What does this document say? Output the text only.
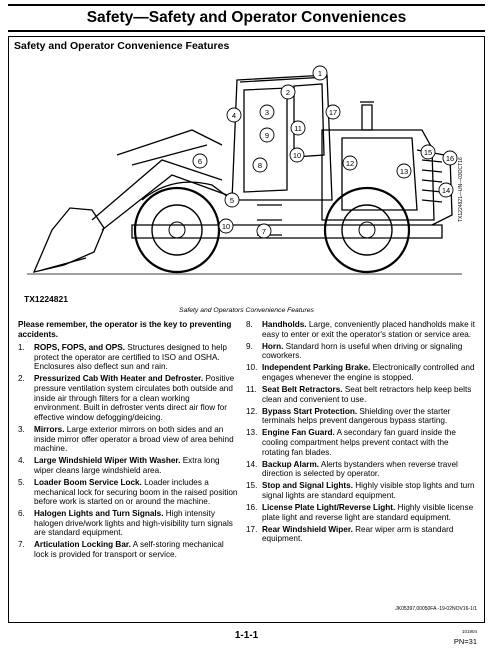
Safety—Safety and Operator Conveniences
Safety and Operator Convenience Features
1
4	3
2
9
11
17
8
6
10
12
13
15
16
14
5
10
7
TX1224821
TX1224821—UN—03OCT16
Safety and Operators Convenience Features
Please remember, the operator is the key to preventing accidents.
1.	ROPS, FOPS, and OPS. Structures designed to help protect the operator are certified to ISO and OSHA. Enclosures also deflect sun and rain.
2.	Pressurized Cab With Heater and Defroster. Positive pressure ventilation system circulates both outside and inside air through filters for a clean working environment. Built in defroster vents direct air flow for effective window defogging/deicing.
3.	Mirrors. Large exterior mirrors on both sides and an inside mirror offer operator a broad view of area behind machine.
4.	Large Windshield Wiper With Washer. Extra long wiper cleans large windshield area.
5.	Loader Boom Service Lock. Loader includes a mechanical lock for securing boom in the raised position before work is started on or around the machine.
6.	Halogen Lights and Turn Signals. High intensity halogen drive/work lights and high-visibility turn signals are standard equipment.
7.	Articulation Locking Bar. A self-storing mechanical lock is provided for transport or service.
8.	Handholds. Large, conveniently placed handholds make it easy to enter or exit the operator's station or service area.
9.	Horn. Standard horn is useful when driving or signaling coworkers.
10. Independent Parking Brake. Electronically controlled and engages whenever the engine is stopped.
11. Seat Belt Retractors. Seat belt retractors help keep belts clean and convenient to use.
12. Bypass Start Protection. Shielding over the starter terminals helps prevent dangerous bypass starting.
13. Engine Fan Guard. A secondary fan guard inside the cooling compartment helps prevent contact with the rotating fan blades.
14. Backup Alarm. Alerts bystanders when reverse travel direction is selected by operator.
15. Stop and Signal Lights. Highly visible stop lights and turn signal lights are standard equipment.
16. License Plate Light/Reverse Light. Highly visible license plate light and reverse light are standard equipment.
17. Rear Windshield Wiper. Rear wiper arm is standard equipment.
JK05397,00050FA -19-02NOV16-1/1
1-1-1	101904
PN=31
